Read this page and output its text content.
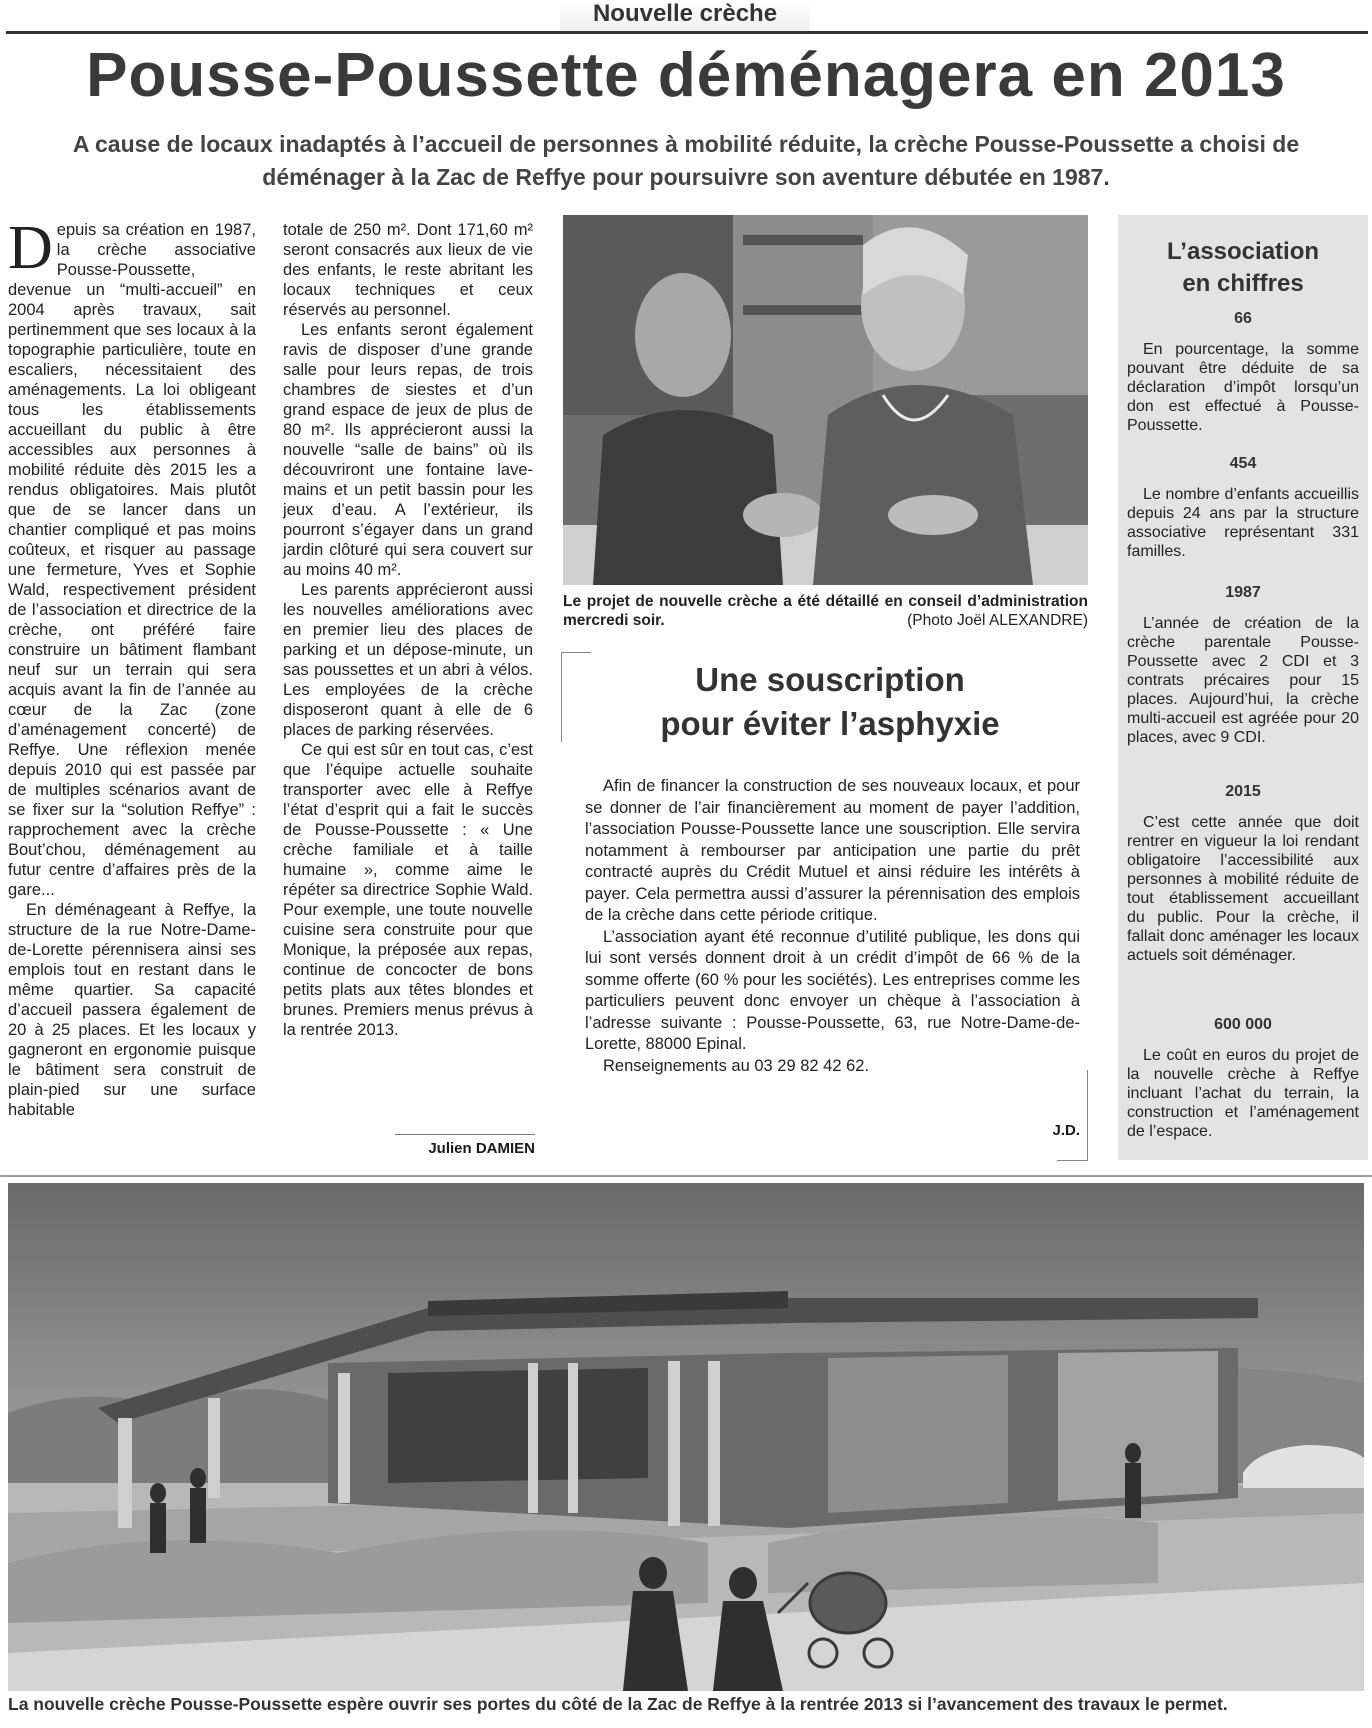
Nouvelle crèche
Pousse-Poussette déménagera en 2013
A cause de locaux inadaptés à l’accueil de personnes à mobilité réduite, la crèche Pousse-Poussette a choisi de déménager à la Zac de Reffye pour poursuivre son aventure débutée en 1987.

Depuis sa création en 1987, la crèche associative Pousse-Poussette, devenue un “multi-accueil” en 2004 après travaux, sait pertinemment que ses locaux à la topographie particulière, toute en escaliers, nécessitaient des aménagements. La loi obligeant tous les établissements accueillant du public à être accessibles aux personnes à mobilité réduite dès 2015 les a rendus obligatoires. Mais plutôt que de se lancer dans un chantier compliqué et pas moins coûteux, et risquer au passage une fermeture, Yves et Sophie Wald, respectivement président de l’association et directrice de la crèche, ont préféré faire construire un bâtiment flambant neuf sur un terrain qui sera acquis avant la fin de l’année au cœur de la Zac (zone d’aménagement concerté) de Reffye. Une réflexion menée depuis 2010 qui est passée par de multiples scénarios avant de se fixer sur la “solution Reffye” : rapprochement avec la crèche Bout’chou, déménagement au futur centre d’affaires près de la gare...

En déménageant à Reffye, la structure de la rue Notre-Dame-de-Lorette pérennisera ainsi ses emplois tout en restant dans le même quartier. Sa capacité d’accueil passera également de 20 à 25 places. Et les locaux y gagneront en ergonomie puisque le bâtiment sera construit de plain-pied sur une surface habitable

totale de 250 m². Dont 171,60 m² seront consacrés aux lieux de vie des enfants, le reste abritant les locaux techniques et ceux réservés au personnel.

Les enfants seront également ravis de disposer d’une grande salle pour leurs repas, de trois chambres de siestes et d’un grand espace de jeux de plus de 80 m². Ils apprécieront aussi la nouvelle “salle de bains” où ils découvriront une fontaine lave-mains et un petit bassin pour les jeux d’eau. A l’extérieur, ils pourront s’égayer dans un grand jardin clôturé qui sera couvert sur au moins 40 m².

Les parents apprécieront aussi les nouvelles améliorations avec en premier lieu des places de parking et un dépose-minute, un sas poussettes et un abri à vélos. Les employées de la crèche disposeront quant à elle de 6 places de parking réservées.

Ce qui est sûr en tout cas, c’est que l’équipe actuelle souhaite transporter avec elle à Reffye l’état d’esprit qui a fait le succès de Pousse-Poussette : « Une crèche familiale et à taille humaine », comme aime le répéter sa directrice Sophie Wald. Pour exemple, une toute nouvelle cuisine sera construite pour que Monique, la préposée aux repas, continue de concocter de bons petits plats aux têtes blondes et brunes. Premiers menus prévus à la rentrée 2013.

Julien DAMIEN
Le projet de nouvelle crèche a été détaillé en conseil d’administration mercredi soir.	(Photo Joël ALEXANDRE)
Une souscription
pour éviter l’asphyxie

Afin de financer la construction de ses nouveaux locaux, et pour se donner de l’air financièrement au moment de payer l’addition, l’association Pousse-Poussette lance une souscription. Elle servira notamment à rembourser par anticipation une partie du prêt contracté auprès du Crédit Mutuel et ainsi réduire les intérêts à payer. Cela permettra aussi d’assurer la pérennisation des emplois de la crèche dans cette période critique.

L’association ayant été reconnue d’utilité publique, les dons qui lui sont versés donnent droit à un crédit d’impôt de 66 % de la somme offerte (60 % pour les sociétés). Les entreprises comme les particuliers peuvent donc envoyer un chèque à l’association à l’adresse suivante : Pousse-Poussette, 63, rue Notre-Dame-de-Lorette, 88000 Epinal.

Renseignements au 03 29 82 42 62.

J.D.
L’association
en chiffres
66
En pourcentage, la somme pouvant être déduite de sa déclaration d’impôt lorsqu’un don est effectué à Pousse-Poussette.
454
Le nombre d’enfants accueillis depuis 24 ans par la structure associative représentant 331 familles.
1987
L’année de création de la crèche parentale Pousse-Poussette avec 2 CDI et 3 contrats précaires pour 15 places. Aujourd’hui, la crèche multi-accueil est agréée pour 20 places, avec 9 CDI.
2015
C’est cette année que doit rentrer en vigueur la loi rendant obligatoire l’accessibilité aux personnes à mobilité réduite de tout établissement accueillant du public. Pour la crèche, il fallait donc aménager les locaux actuels soit déménager.
600 000
Le coût en euros du projet de la nouvelle crèche à Reffye incluant l’achat du terrain, la construction et l’aménagement de l’espace.
La nouvelle crèche Pousse-Poussette espère ouvrir ses portes du côté de la Zac de Reffye à la rentrée 2013 si l’avancement des travaux le permet.
